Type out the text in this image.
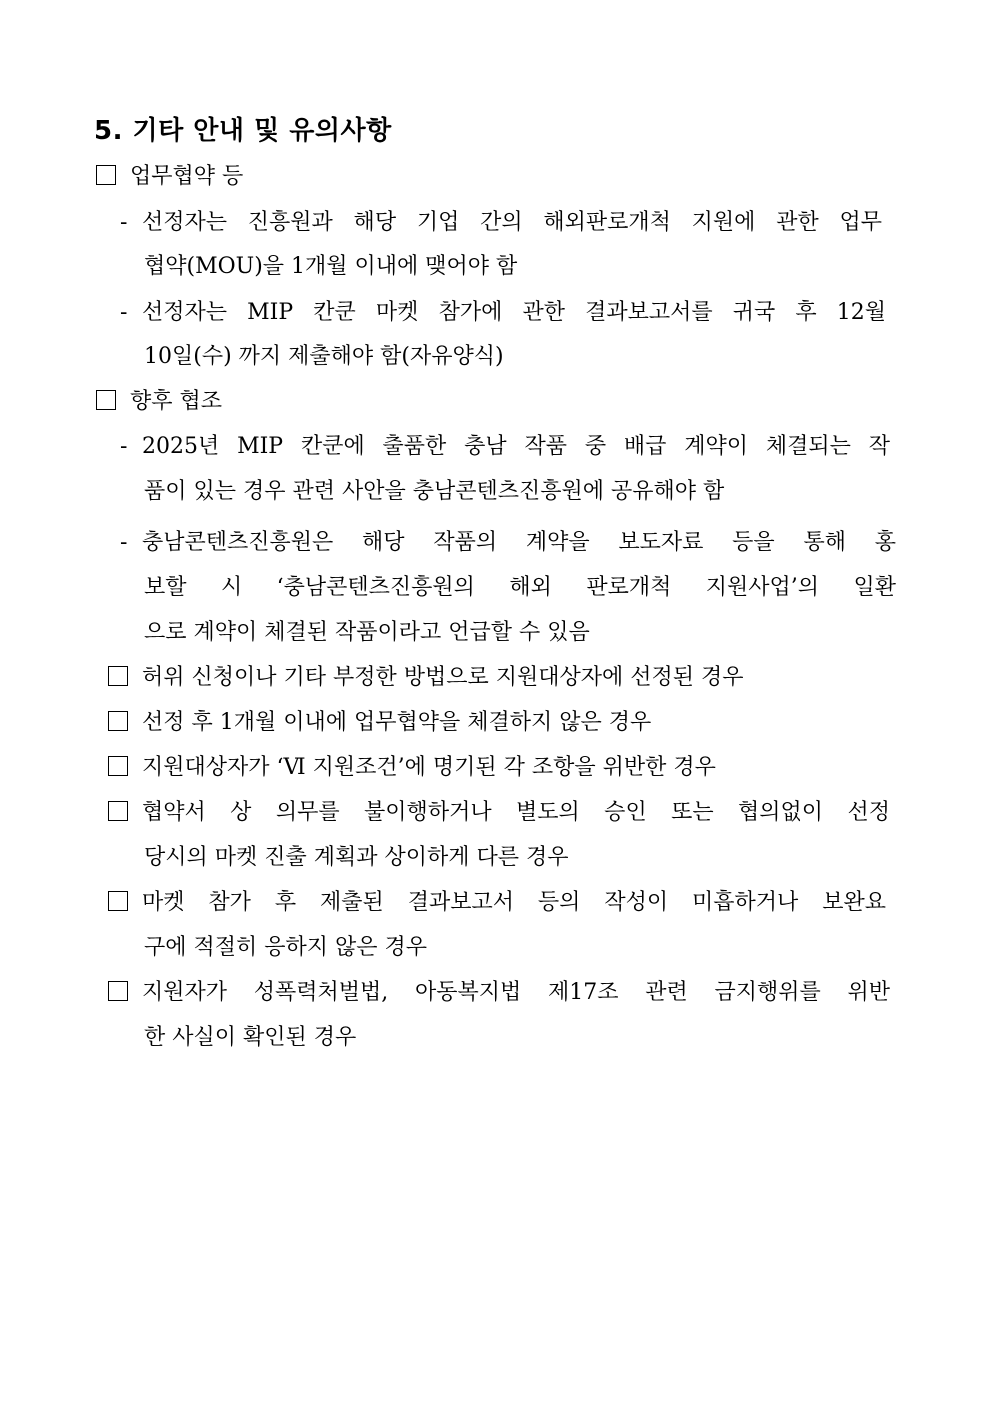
5. 기타 안내 및 유의사항
업무협약 등
- 선정자는 진흥원과 해당 기업 간의 해외판로개척 지원에 관한 업무
협약(MOU)을 1개월 이내에 맺어야 함
- 선정자는 MIP 칸쿤 마켓 참가에 관한 결과보고서를 귀국 후 12월
10일(수) 까지 제출해야 함(자유양식)
향후 협조
- 2025년 MIP 칸쿤에 출품한 충남 작품 중 배급 계약이 체결되는 작
품이 있는 경우 관련 사안을 충남콘텐츠진흥원에 공유해야 함
- 충남콘텐츠진흥원은 해당 작품의 계약을 보도자료 등을 통해 홍
보할 시 ‘충남콘텐츠진흥원의 해외 판로개척 지원사업’의 일환
으로 계약이 체결된 작품이라고 언급할 수 있음
허위 신청이나 기타 부정한 방법으로 지원대상자에 선정된 경우
선정 후 1개월 이내에 업무협약을 체결하지 않은 경우
지원대상자가 ‘Ⅵ 지원조건’에 명기된 각 조항을 위반한 경우
협약서 상 의무를 불이행하거나 별도의 승인 또는 협의없이 선정
당시의 마켓 진출 계획과 상이하게 다른 경우
마켓 참가 후 제출된 결과보고서 등의 작성이 미흡하거나 보완요
구에 적절히 응하지 않은 경우
지원자가 성폭력처벌법, 아동복지법 제17조 관련 금지행위를 위반
한 사실이 확인된 경우
